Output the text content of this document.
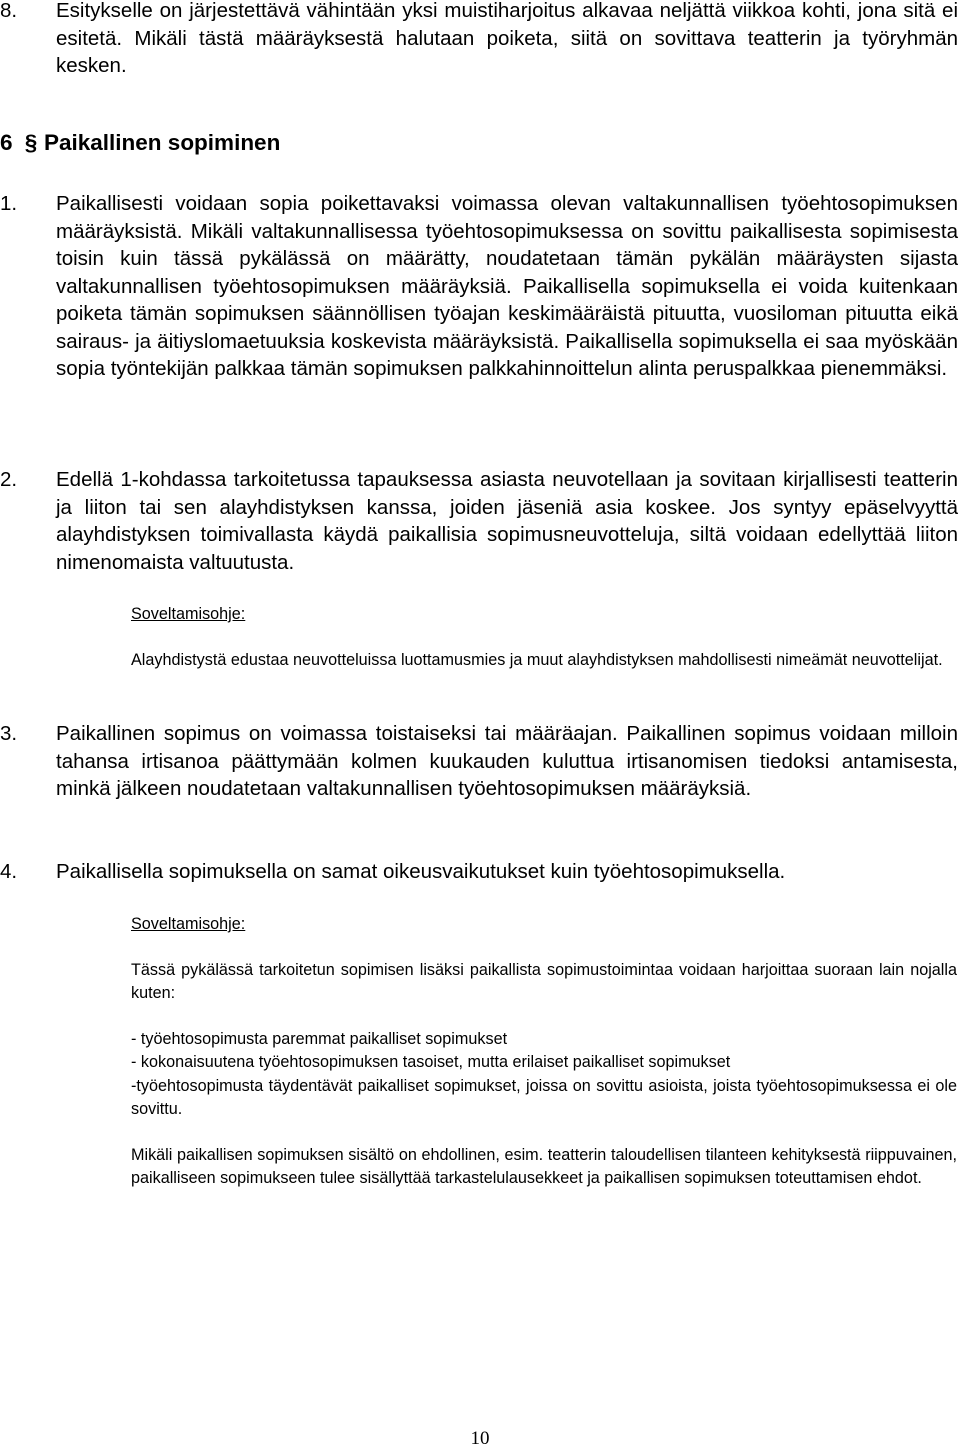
8. Esitykselle on järjestettävä vähintään yksi muistiharjoitus alkavaa neljättä viikkoa kohti, jona sitä ei esitetä. Mikäli tästä määräyksestä halutaan poiketa, siitä on sovittava teatterin ja työryhmän kesken.
6 § Paikallinen sopiminen
1. Paikallisesti voidaan sopia poikettavaksi voimassa olevan valtakunnallisen työehtosopimuksen määräyksistä. Mikäli valtakunnallisessa työehtosopimuksessa on sovittu paikallisesta sopimisesta toisin kuin tässä pykälässä on määrätty, noudatetaan tämän pykälän määräysten sijasta valtakunnallisen työehtosopimuksen määräyksiä. Paikallisella sopimuksella ei voida kuitenkaan poiketa tämän sopimuksen säännöllisen työajan keskimääräistä pituutta, vuosiloman pituutta eikä sairaus- ja äitiyslomaetuuksia koskevista määräyksistä. Paikallisella sopimuksella ei saa myöskään sopia työntekijän palkkaa tämän sopimuksen palkkahinnoittelun alinta peruspalkkaa pienemmäksi.
2. Edellä 1-kohdassa tarkoitetussa tapauksessa asiasta neuvotellaan ja sovitaan kirjallisesti teatterin ja liiton tai sen alayhdistyksen kanssa, joiden jäseniä asia koskee. Jos syntyy epäselvyyttä alayhdistyksen toimivallasta käydä paikallisia sopimusneuvotteluja, siltä voidaan edellyttää liiton nimenomaista valtuutusta.
Soveltamisohje:
Alayhdistystä edustaa neuvotteluissa luottamusmies ja muut alayhdistyksen mahdollisesti nimeämät neuvottelijat.
3. Paikallinen sopimus on voimassa toistaiseksi tai määräajan. Paikallinen sopimus voidaan milloin tahansa irtisanoa päättymään kolmen kuukauden kuluttua irtisanomisen tiedoksi antamisesta, minkä jälkeen noudatetaan valtakunnallisen työehtosopimuksen määräyksiä.
4. Paikallisella sopimuksella on samat oikeusvaikutukset kuin työehtosopimuksella.
Soveltamisohje:
Tässä pykälässä tarkoitetun sopimisen lisäksi paikallista sopimustoimintaa voidaan harjoittaa suoraan lain nojalla kuten:
- työehtosopimusta paremmat paikalliset sopimukset
- kokonaisuutena työehtosopimuksen tasoiset, mutta erilaiset paikalliset sopimukset
-työehtosopimusta täydentävät paikalliset sopimukset, joissa on sovittu asioista, joista työehtosopimuksessa ei ole sovittu.
Mikäli paikallisen sopimuksen sisältö on ehdollinen, esim. teatterin taloudellisen tilanteen kehityksestä riippuvainen, paikalliseen sopimukseen tulee sisällyttää tarkastelulausekkeet ja paikallisen sopimuksen toteuttamisen ehdot.
10
